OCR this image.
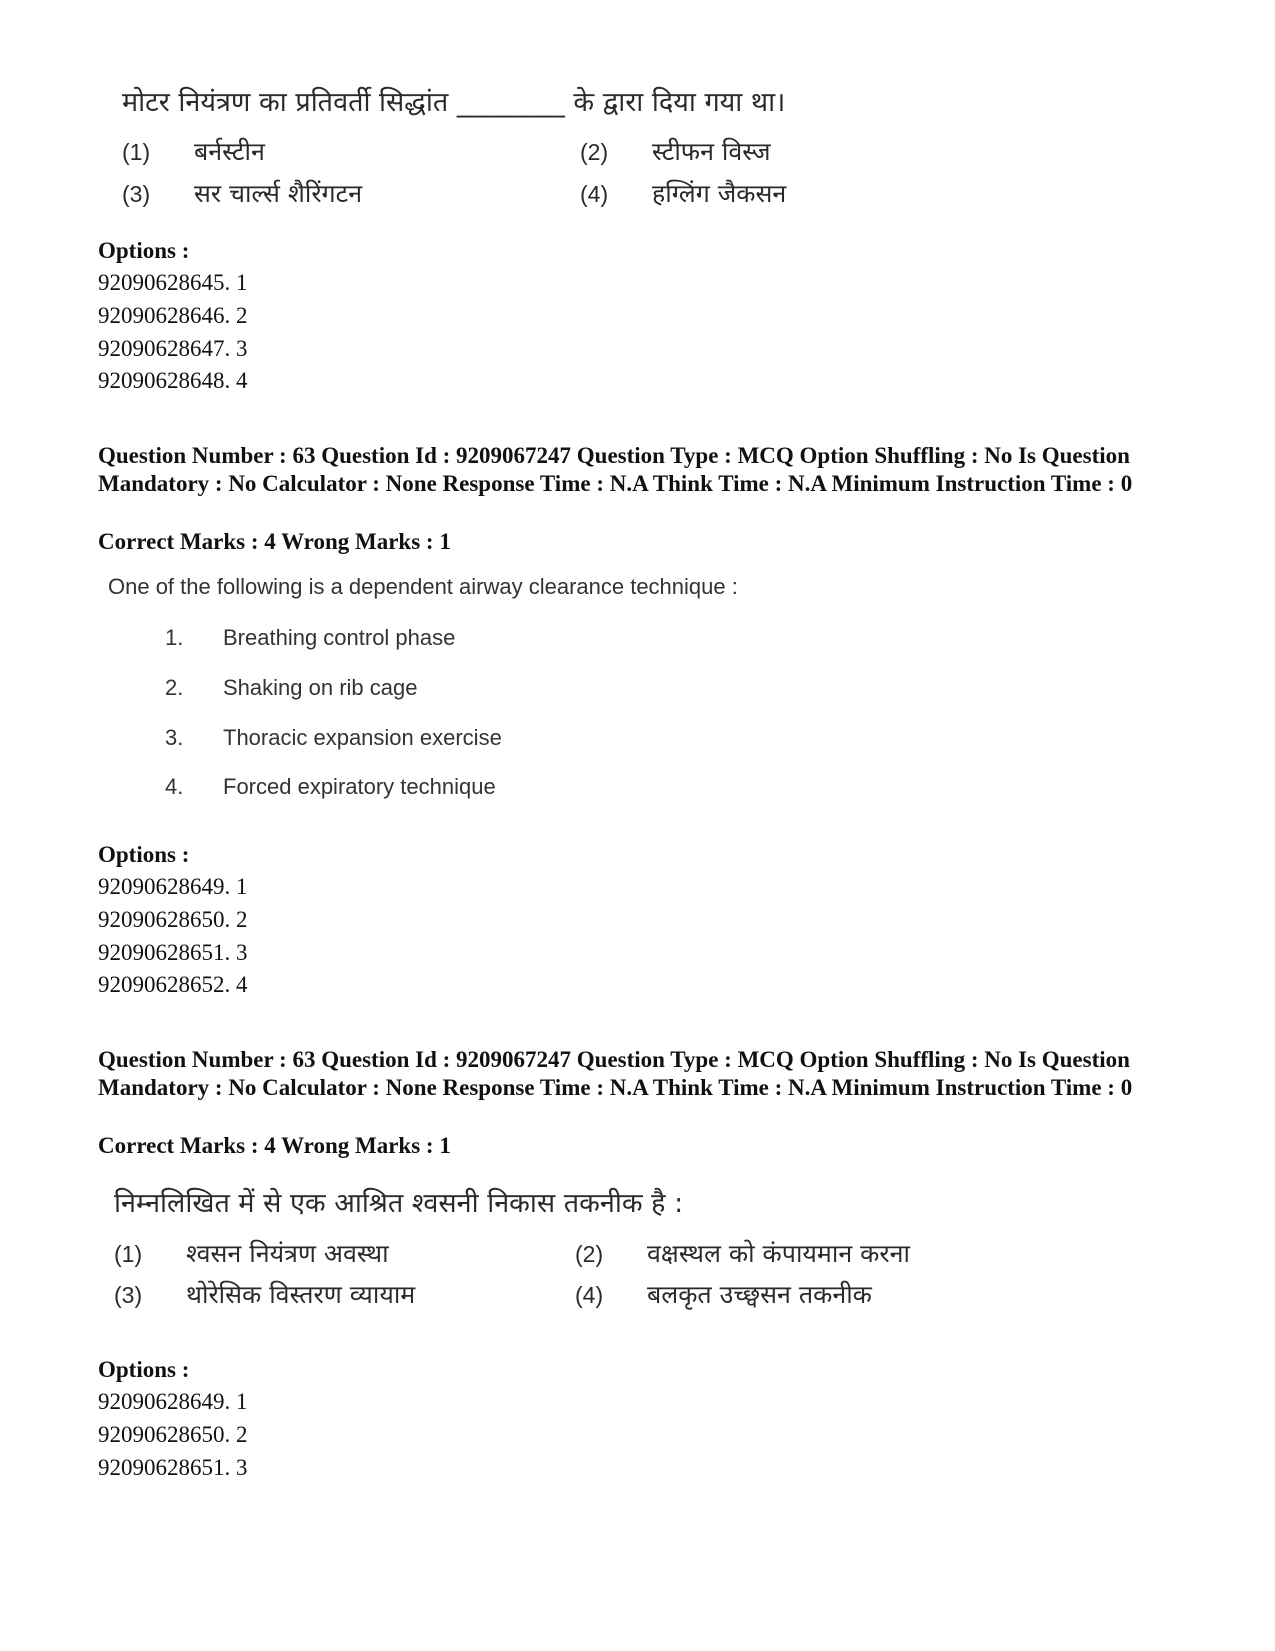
मोटर नियंत्रण का प्रतिवर्ती सिद्धांत ________ के द्वारा दिया गया था।
(1) बर्नस्टीन	(2) स्टीफन विस्ज
(3) सर चार्ल्स शैरिंगटन	(4) हग्लिंग जैकसन
Options :
92090628645. 1
92090628646. 2
92090628647. 3
92090628648. 4
Question Number : 63 Question Id : 9209067247 Question Type : MCQ Option Shuffling : No Is Question Mandatory : No Calculator : None Response Time : N.A Think Time : N.A Minimum Instruction Time : 0
Correct Marks : 4 Wrong Marks : 1
One of the following is a dependent airway clearance technique :
1. Breathing control phase
2. Shaking on rib cage
3. Thoracic expansion exercise
4. Forced expiratory technique
Options :
92090628649. 1
92090628650. 2
92090628651. 3
92090628652. 4
Question Number : 63 Question Id : 9209067247 Question Type : MCQ Option Shuffling : No Is Question Mandatory : No Calculator : None Response Time : N.A Think Time : N.A Minimum Instruction Time : 0
Correct Marks : 4 Wrong Marks : 1
निम्नलिखित में से एक आश्रित श्वसनी निकास तकनीक है :
(1) श्वसन नियंत्रण अवस्था	(2) वक्षस्थल को कंपायमान करना
(3) थोरेसिक विस्तरण व्यायाम	(4) बलकृत उच्छ्वसन तकनीक
Options :
92090628649. 1
92090628650. 2
92090628651. 3
